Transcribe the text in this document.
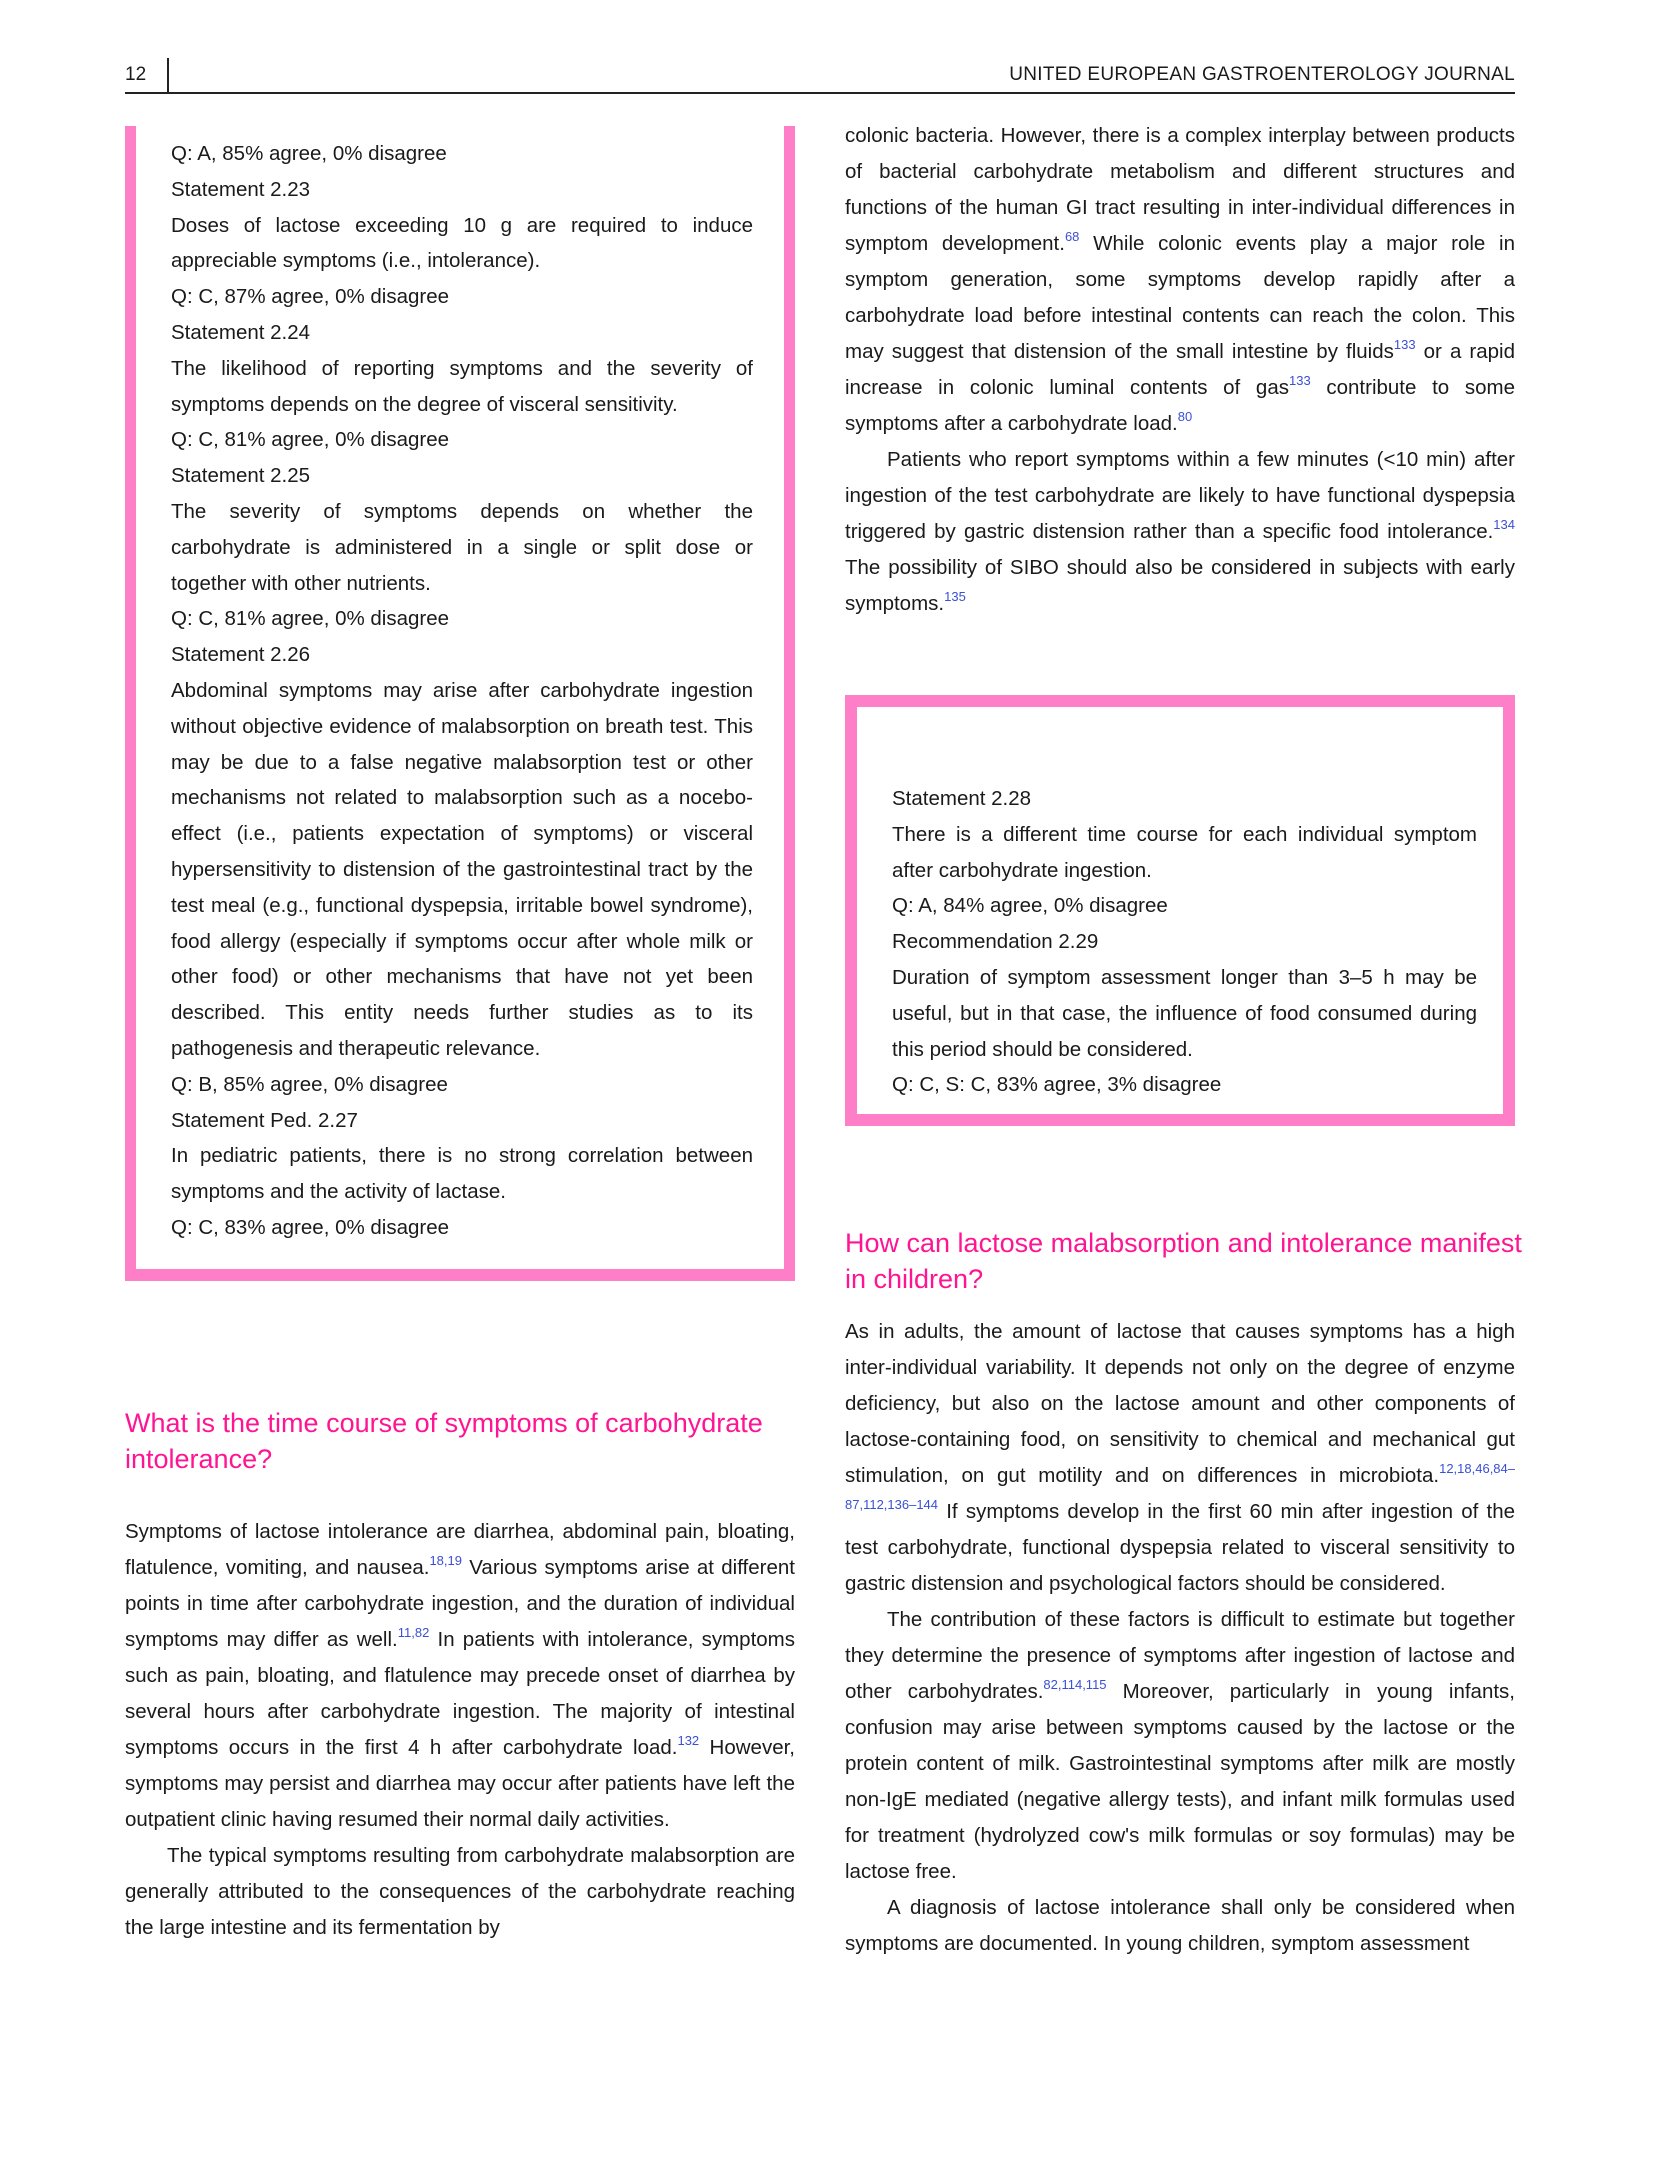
12	UNITED EUROPEAN GASTROENTEROLOGY JOURNAL
Q: A, 85% agree, 0% disagree
Statement 2.23
Doses of lactose exceeding 10 g are required to induce appreciable symptoms (i.e., intolerance).
Q: C, 87% agree, 0% disagree
Statement 2.24
The likelihood of reporting symptoms and the severity of symptoms depends on the degree of visceral sensitivity.
Q: C, 81% agree, 0% disagree
Statement 2.25
The severity of symptoms depends on whether the carbohydrate is administered in a single or split dose or together with other nutrients.
Q: C, 81% agree, 0% disagree
Statement 2.26
Abdominal symptoms may arise after carbohydrate ingestion without objective evidence of malabsorption on breath test. This may be due to a false negative malabsorption test or other mechanisms not related to malabsorption such as a nocebo-effect (i.e., patients expectation of symptoms) or visceral hypersensitivity to distension of the gastrointestinal tract by the test meal (e.g., functional dyspepsia, irritable bowel syndrome), food allergy (especially if symptoms occur after whole milk or other food) or other mechanisms that have not yet been described. This entity needs further studies as to its pathogenesis and therapeutic relevance.
Q: B, 85% agree, 0% disagree
Statement Ped. 2.27
In pediatric patients, there is no strong correlation between symptoms and the activity of lactase.
Q: C, 83% agree, 0% disagree
What is the time course of symptoms of carbohydrate intolerance?
Symptoms of lactose intolerance are diarrhea, abdominal pain, bloating, flatulence, vomiting, and nausea.$^{18,19}$ Various symptoms arise at different points in time after carbohydrate ingestion, and the duration of individual symptoms may differ as well.$^{11,82}$ In patients with intolerance, symptoms such as pain, bloating, and flatulence may precede onset of diarrhea by several hours after carbohydrate ingestion. The majority of intestinal symptoms occurs in the first 4 h after carbohydrate load.$^{132}$ However, symptoms may persist and diarrhea may occur after patients have left the outpatient clinic having resumed their normal daily activities.
The typical symptoms resulting from carbohydrate malabsorption are generally attributed to the consequences of the carbohydrate reaching the large intestine and its fermentation by
colonic bacteria. However, there is a complex interplay between products of bacterial carbohydrate metabolism and different structures and functions of the human GI tract resulting in inter-individual differences in symptom development.$^{68}$ While colonic events play a major role in symptom generation, some symptoms develop rapidly after a carbohydrate load before intestinal contents can reach the colon. This may suggest that distension of the small intestine by fluids$^{133}$ or a rapid increase in colonic luminal contents of gas$^{133}$ contribute to some symptoms after a carbohydrate load.$^{80}$
Patients who report symptoms within a few minutes (<10 min) after ingestion of the test carbohydrate are likely to have functional dyspepsia triggered by gastric distension rather than a specific food intolerance.$^{134}$ The possibility of SIBO should also be considered in subjects with early symptoms.$^{135}$
Statement 2.28
There is a different time course for each individual symptom after carbohydrate ingestion.
Q: A, 84% agree, 0% disagree
Recommendation 2.29
Duration of symptom assessment longer than 3–5 h may be useful, but in that case, the influence of food consumed during this period should be considered.
Q: C, S: C, 83% agree, 3% disagree
How can lactose malabsorption and intolerance manifest in children?
As in adults, the amount of lactose that causes symptoms has a high inter-individual variability. It depends not only on the degree of enzyme deficiency, but also on the lactose amount and other components of lactose-containing food, on sensitivity to chemical and mechanical gut stimulation, on gut motility and on differences in microbiota.$^{12,18,46,84-87,112,136-144}$ If symptoms develop in the first 60 min after ingestion of the test carbohydrate, functional dyspepsia related to visceral sensitivity to gastric distension and psychological factors should be considered.
The contribution of these factors is difficult to estimate but together they determine the presence of symptoms after ingestion of lactose and other carbohydrates.$^{82,114,115}$ Moreover, particularly in young infants, confusion may arise between symptoms caused by the lactose or the protein content of milk. Gastrointestinal symptoms after milk are mostly non-IgE mediated (negative allergy tests), and infant milk formulas used for treatment (hydrolyzed cow's milk formulas or soy formulas) may be lactose free.
A diagnosis of lactose intolerance shall only be considered when symptoms are documented. In young children, symptom assessment
